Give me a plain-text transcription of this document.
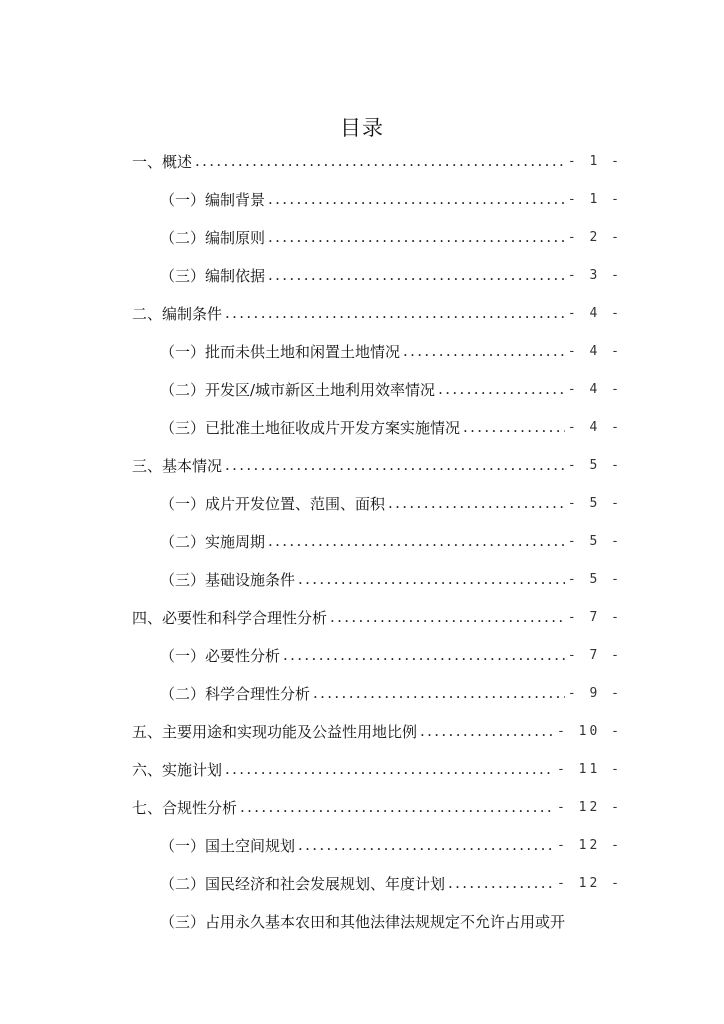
目录
一、概述 . . .	- 1 -
（一）编制背景 . . .	- 1 -
（二）编制原则 . . .	- 2 -
（三）编制依据 . . .	- 3 -
二、编制条件 . . .	- 4 -
（一）批而未供土地和闲置土地情况 . . .	- 4 -
（二）开发区/城市新区土地利用效率情况 . . .	- 4 -
（三）已批准土地征收成片开发方案实施情况 . . .	- 4 -
三、基本情况 . . .	- 5 -
（一）成片开发位置、范围、面积 . . .	- 5 -
（二）实施周期 . . .	- 5 -
（三）基础设施条件 . . .	- 5 -
四、必要性和科学合理性分析 . . .	- 7 -
（一）必要性分析 . . .	- 7 -
（二）科学合理性分析 . . .	- 9 -
五、主要用途和实现功能及公益性用地比例 . . .	- 10 -
六、实施计划 . . .	- 11 -
七、合规性分析 . . .	- 12 -
（一）国土空间规划 . . .	- 12 -
（二）国民经济和社会发展规划、年度计划 . . .	- 12 -
（三）占用永久基本农田和其他法律法规规定不允许占用或开
